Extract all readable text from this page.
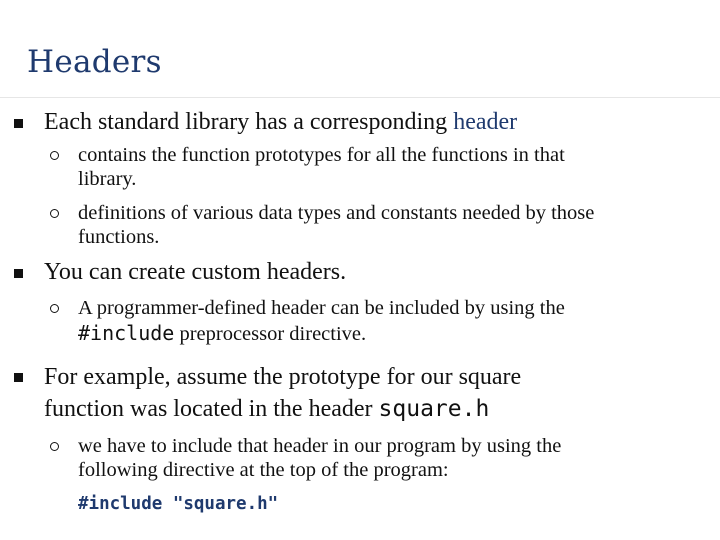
Headers
Each standard library has a corresponding header
contains the function prototypes for all the functions in that
library.
definitions of various data types and constants needed by those
functions.
You can create custom headers.
A programmer-defined header can be included by using the
#include preprocessor directive.
For example, assume the prototype for our square
function was located in the header square.h
we have to include that header in our program by using the
following directive at the top of the program:
#include "square.h"
